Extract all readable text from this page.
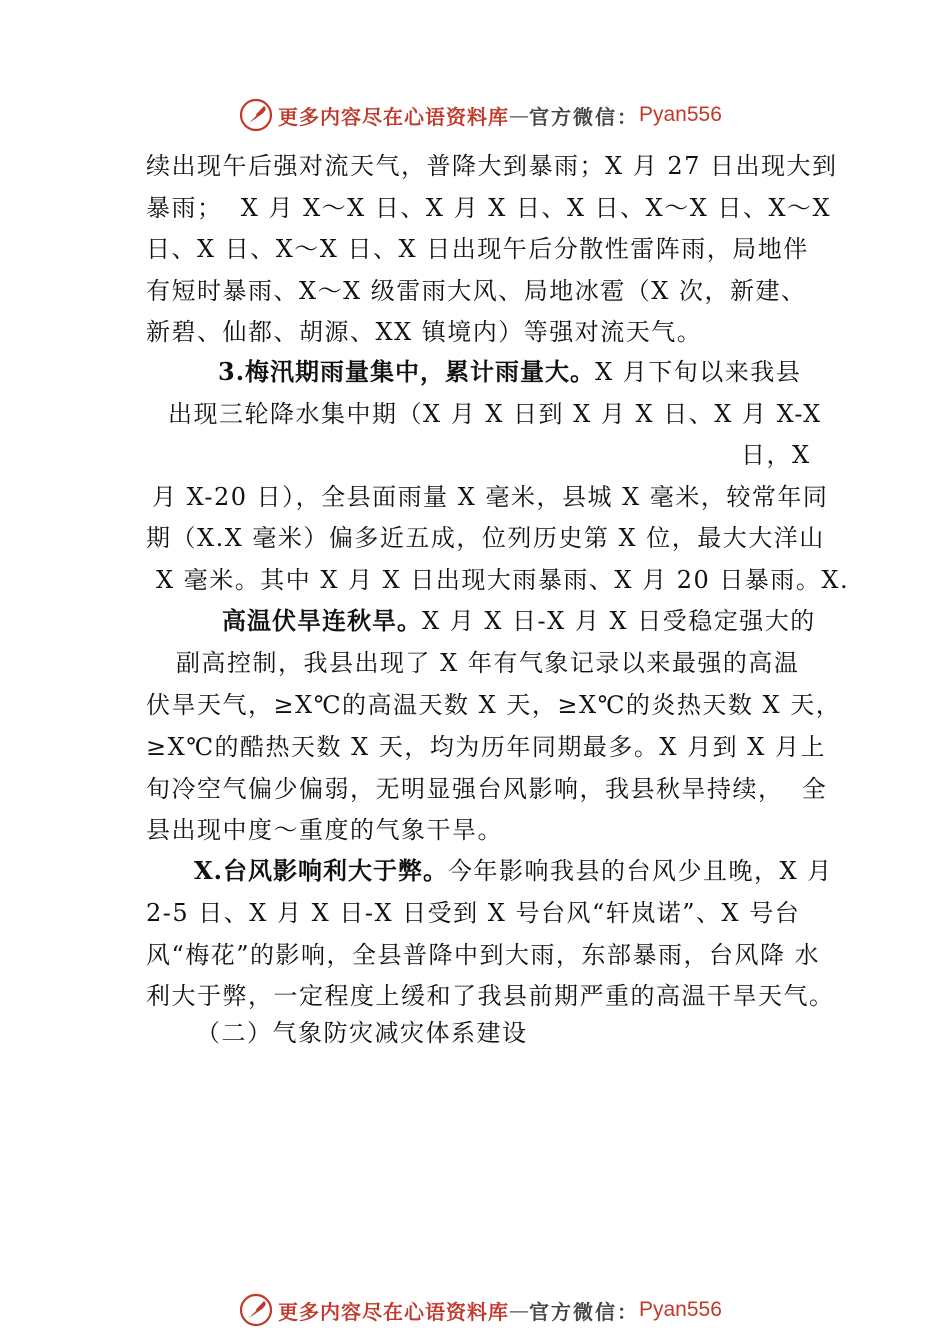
更多内容尽在心语资料库 — 官方微信： Pyan556
续出现午后强对流天气，普降大到暴雨；X 月 27 日出现大到
暴雨；  X 月 X～X 日、X 月 X 日、X 日、X～X 日、X～X
日、X 日、X～X 日、X 日出现午后分散性雷阵雨，局地伴
有短时暴雨、X～X 级雷雨大风、局地冰雹（X 次，新建、
新碧、仙都、胡源、XX 镇境内）等强对流天气。
3.梅汛期雨量集中，累计雨量大。X 月下旬以来我县
出现三轮降水集中期（X 月 X 日到 X 月 X 日、X 月 X-X
日，X
月 X-20 日），全县面雨量 X 毫米，县城 X 毫米，较常年同
期（X.X 毫米）偏多近五成，位列历史第 X 位，最大大洋山
X 毫米。其中 X 月 X 日出现大雨暴雨、X 月 20 日暴雨。X.
高温伏旱连秋旱。X 月 X 日-X 月 X 日受稳定强大的
副高控制，我县出现了 X 年有气象记录以来最强的高温
伏旱天气，≥X℃的高温天数 X 天，≥X℃的炎热天数 X 天，
≥X℃的酷热天数 X 天，均为历年同期最多。X 月到 X 月上
旬冷空气偏少偏弱，无明显强台风影响，我县秋旱持续，  全
县出现中度～重度的气象干旱。
X.台风影响利大于弊。今年影响我县的台风少且晚，X 月
2-5 日、X 月 X 日-X 日受到 X 号台风“轩岚诺”、X 号台
风“梅花”的影响，全县普降中到大雨，东部暴雨，台风降 水
利大于弊，一定程度上缓和了我县前期严重的高温干旱天气。
（二）气象防灾减灾体系建设
更多内容尽在心语资料库 — 官方微信： Pyan556
